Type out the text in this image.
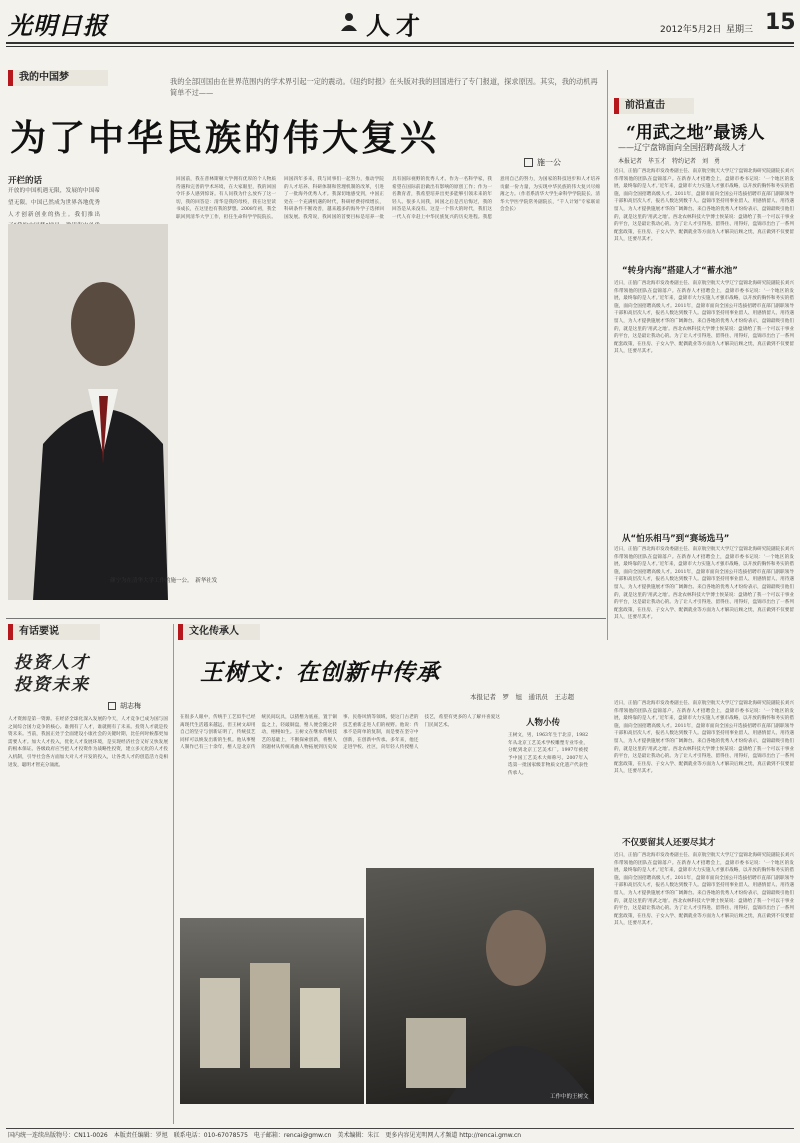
光明日报	人才	2012年5月2日 星期三 15
我的中国梦	我的全部回国由在世界范围内的学术界引起一定的震动。《纽约时报》在头版对我的回国进行了专门报道，探求原因。其实，我的动机再简单不过——
为了中华民族的伟大复兴
施一公
开栏的话
开放的中国机遇无限，发展的中国希望无限。中国已然成为世界各地优秀人才创新创业的热土。我们推出
颜宁为在清华大学工作的施一公。　新华社发
回国前，我在普林斯顿大学拥有优厚的个人物质待遇和完善的学术环境，在大家眼里，我的回国令许多人感到惊讶。有人问我为什么放弃了这一切，我的回答是：清华是我的母校，我在这里读书成长，在这里也有我的梦想。2008年初，我全职回到清华大学工作，担任生命科学学院院长。回国四年多来，我与同事们一起努力，推动学院的人才培养、科研体制和管理机制的改革，引进了一批海外优秀人才。我深切地感受到，中国正处在一个充满机遇的时代，科研经费持续增长，科研条件不断改善，越来越多的海外学子选择回国发展。我常说，我回国的首要目标是培养一批具有国际视野的优秀人才。作为一名科学家，我希望在国际前沿做出有影响的原创工作；作为一名教育者，我希望培养出更多能够引领未来的年轻人。很多人问我，回国之后是否后悔过，我的回答是从来没有。这是一个伟大的时代，我们这一代人有幸赶上中华民族复兴的历史进程。我愿意用自己的努力，为国家的科技进步和人才培养贡献一份力量，为实现中华民族的伟大复兴尽绵薄之力。（作者系清华大学生命科学学院院长、清华大学医学院常务副院长，“千人计划”专家联谊会会长）
前沿直击
“用武之地”最诱人
——辽宁盘锦面向全国招聘高级人才
本报记者　毕玉才　特约记者　刘　勇
近日，正值广西北海市发改委副主任、南京航空航天大学辽宁盘锦北海研究院副院长刘兴伟带领他的团队在盘锦落户。在新春人才招聘会上，盘锦市委书记说：‘一个地区的发展，最终靠的是人才。’近年来，盘锦市大力实施人才强市战略，以开放的胸怀和务实的措施，面向全国招聘高级人才。2011年，盘锦市面向全国公开选拔招聘市直部门副职领导干部和高层次人才，报名人数达到数千人。盘锦市坚持用事业留人、用感情留人、用待遇留人，为人才提供施展才华的广阔舞台。来自各地的优秀人才纷纷表示，盘锦最吸引他们的，就是这里的‘用武之地’。西北农林科技大学博士侯某说：盘锦给了我一个可以干事业的平台，这是最让我动心的。为了让人才引得进、留得住、用得好，盘锦市出台了一系列配套政策，在住房、子女入学、配偶就业等方面为人才解决后顾之忧，真正做到不仅要留其人，还要尽其才。
“转身内海”搭建人才“蓄水池”
近日，正值广西北海市发改委副主任、南京航空航天大学辽宁盘锦北海研究院副院长刘兴伟带领他的团队在盘锦落户。在新春人才招聘会上，盘锦市委书记说：‘一个地区的发展，最终靠的是人才。’近年来，盘锦市大力实施人才强市战略，以开放的胸怀和务实的措施，面向全国招聘高级人才。2011年，盘锦市面向全国公开选拔招聘市直部门副职领导干部和高层次人才，报名人数达到数千人。盘锦市坚持用事业留人、用感情留人、用待遇留人，为人才提供施展才华的广阔舞台。来自各地的优秀人才纷纷表示，盘锦最吸引他们的，就是这里的‘用武之地’。西北农林科技大学博士侯某说：盘锦给了我一个可以干事业的平台，这是最让我动心的。为了让人才引得进、留得住、用得好，盘锦市出台了一系列配套政策，在住房、子女入学、配偶就业等方面为人才解决后顾之忧，真正做到不仅要留其人，还要尽其才。
从“怕乐相马”到“赛场选马”
近日，正值广西北海市发改委副主任、南京航空航天大学辽宁盘锦北海研究院副院长刘兴伟带领他的团队在盘锦落户。在新春人才招聘会上，盘锦市委书记说：‘一个地区的发展，最终靠的是人才。’近年来，盘锦市大力实施人才强市战略，以开放的胸怀和务实的措施，面向全国招聘高级人才。2011年，盘锦市面向全国公开选拔招聘市直部门副职领导干部和高层次人才，报名人数达到数千人。盘锦市坚持用事业留人、用感情留人、用待遇留人，为人才提供施展才华的广阔舞台。来自各地的优秀人才纷纷表示，盘锦最吸引他们的，就是这里的‘用武之地’。西北农林科技大学博士侯某说：盘锦给了我一个可以干事业的平台，这是最让我动心的。为了让人才引得进、留得住、用得好，盘锦市出台了一系列配套政策，在住房、子女入学、配偶就业等方面为人才解决后顾之忧，真正做到不仅要留其人，还要尽其才。
有话要说
投资人才
投资未来
胡志梅
人才资源是第一资源。在经济全球化深入发展的今天，人才竞争已成为国与国之间综合国力竞争的核心。谁拥有了人才，谁就拥有了未来。投资人才就是投资未来。当前，我国正处于全面建设小康社会的关键时期，比任何时候都更加需要人才。加大人才投入，优化人才发展环境，是实现经济社会又好又快发展的根本保证。各级政府应当把人才投资作为战略性投资，建立多元化的人才投入机制，引导社会各方面加大对人才开发的投入，让各类人才的创造活力竞相迸发，聪明才智充分涌流。
文化传承人
王树文：在创新中传承
本报记者　罗　旭　通讯员　王志超
在很多人眼中，传统手工艺似乎已经离现代生活越来越远，但王树文却用自己的坚守与创新证明了，传统技艺同样可以焕发出新的生机。他从事鬃人制作已有三十余年，鬃人是北京传统民间玩具，以猪鬃为底座，置于铜盘之上，轻敲铜盘，鬃人便会随之转动，栩栩如生。王树文在继承传统技艺的基础上，不断探索创新，将鬃人的题材从传统戏曲人物拓展到历史故事、民俗风情等领域，使这门古老的技艺重新走进人们的视野。他说：传承不是简单的复制，而是要在坚守中创新，在创新中传承。多年来，他还走进学校、社区，向年轻人传授鬃人技艺，希望有更多的人了解并喜爱这门民间艺术。	人物小传
王树文，男，1963年生于北京，1982年从北京工艺美术学校雕塑专业毕业，分配到北京工艺美术厂。1997年被授予中国工艺美术大师称号。2007年入选第一批国家级非物质文化遗产代表性传承人。
工作中的王树文
近日，正值广西北海市发改委副主任、南京航空航天大学辽宁盘锦北海研究院副院长刘兴伟带领他的团队在盘锦落户。在新春人才招聘会上，盘锦市委书记说：‘一个地区的发展，最终靠的是人才。’近年来，盘锦市大力实施人才强市战略，以开放的胸怀和务实的措施，面向全国招聘高级人才。2011年，盘锦市面向全国公开选拔招聘市直部门副职领导干部和高层次人才，报名人数达到数千人。盘锦市坚持用事业留人、用感情留人、用待遇留人，为人才提供施展才华的广阔舞台。来自各地的优秀人才纷纷表示，盘锦最吸引他们的，就是这里的‘用武之地’。西北农林科技大学博士侯某说：盘锦给了我一个可以干事业的平台，这是最让我动心的。为了让人才引得进、留得住、用得好，盘锦市出台了一系列配套政策，在住房、子女入学、配偶就业等方面为人才解决后顾之忧，真正做到不仅要留其人，还要尽其才。
不仅要留其人还要尽其才
近日，正值广西北海市发改委副主任、南京航空航天大学辽宁盘锦北海研究院副院长刘兴伟带领他的团队在盘锦落户。在新春人才招聘会上，盘锦市委书记说：‘一个地区的发展，最终靠的是人才。’近年来，盘锦市大力实施人才强市战略，以开放的胸怀和务实的措施，面向全国招聘高级人才。2011年，盘锦市面向全国公开选拔招聘市直部门副职领导干部和高层次人才，报名人数达到数千人。盘锦市坚持用事业留人、用感情留人、用待遇留人，为人才提供施展才华的广阔舞台。来自各地的优秀人才纷纷表示，盘锦最吸引他们的，就是这里的‘用武之地’。西北农林科技大学博士侯某说：盘锦给了我一个可以干事业的平台，这是最让我动心的。为了让人才引得进、留得住、用得好，盘锦市出台了一系列配套政策，在住房、子女入学、配偶就业等方面为人才解决后顾之忧，真正做到不仅要留其人，还要尽其才。
国内统一连续出版物号：CN11-0026　本版责任编辑：罗旭　联系电话：010-67078575　电子邮箱：rencai@gmw.cn　美术编辑：朱江　更多内容见光明网人才频道 http://rencai.gmw.cn
